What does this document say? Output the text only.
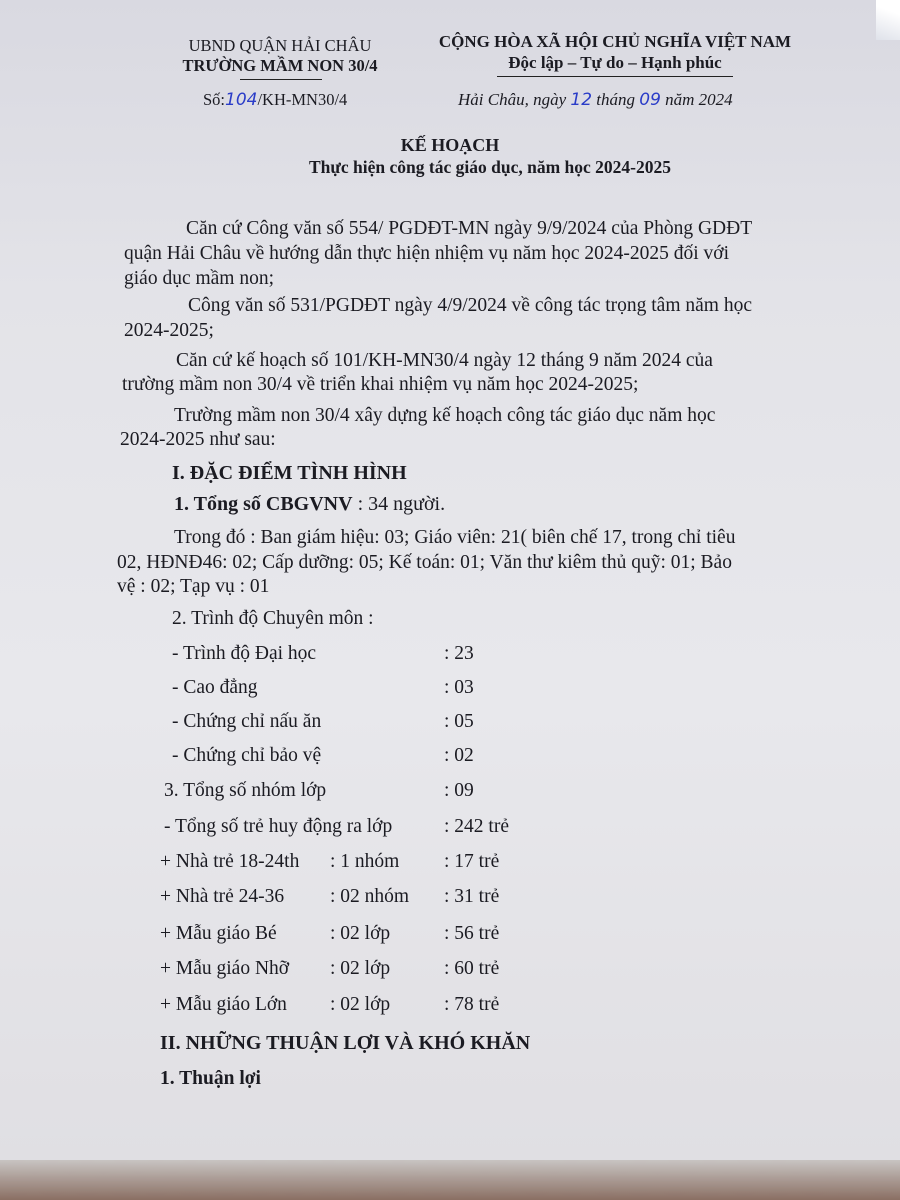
UBND QUẬN HẢI CHÂU
TRƯỜNG MẦM NON 30/4
Số:104/KH-MN30/4
CỘNG HÒA XÃ HỘI CHỦ NGHĨA VIỆT NAM
Độc lập – Tự do – Hạnh phúc
Hải Châu, ngày 12 tháng 09 năm 2024
KẾ HOẠCH
Thực hiện công tác giáo dục, năm học 2024-2025
Căn cứ Công văn số 554/ PGDĐT-MN ngày 9/9/2024 của Phòng GDĐT
quận Hải Châu về hướng dẫn thực hiện nhiệm vụ năm học 2024-2025 đối với
giáo dục mầm non;
Công văn số 531/PGDĐT ngày 4/9/2024 về công tác trọng tâm năm học
2024-2025;
Căn cứ kế hoạch số 101/KH-MN30/4 ngày 12 tháng 9 năm 2024 của
trường mầm non 30/4 về triển khai nhiệm vụ năm học 2024-2025;
Trường mầm non 30/4 xây dựng kế hoạch công tác giáo dục năm học
2024-2025 như sau:
I. ĐẶC ĐIỂM TÌNH HÌNH
1. Tổng số CBGVNV : 34 người.
Trong đó : Ban giám hiệu: 03; Giáo viên: 21( biên chế 17, trong chỉ tiêu
02, HĐNĐ46: 02; Cấp dưỡng: 05; Kế toán: 01; Văn thư kiêm thủ quỹ: 01; Bảo
vệ : 02; Tạp vụ : 01
2. Trình độ Chuyên môn :
- Trình độ Đại học	: 23
- Cao đẳng	: 03
- Chứng chỉ nấu ăn	: 05
- Chứng chỉ bảo vệ	: 02
3. Tổng số nhóm lớp	: 09
- Tổng số trẻ huy động ra lớp	: 242 trẻ
+ Nhà trẻ 18-24th : 1 nhóm : 17 trẻ
+ Nhà trẻ 24-36 : 02 nhóm : 31 trẻ
+ Mẫu giáo Bé	: 02 lớp	: 56 trẻ
+ Mẫu giáo Nhỡ : 02 lớp	: 60 trẻ
+ Mẫu giáo Lớn : 02 lớp	: 78 trẻ
II. NHỮNG THUẬN LỢI VÀ KHÓ KHĂN
1. Thuận lợi
